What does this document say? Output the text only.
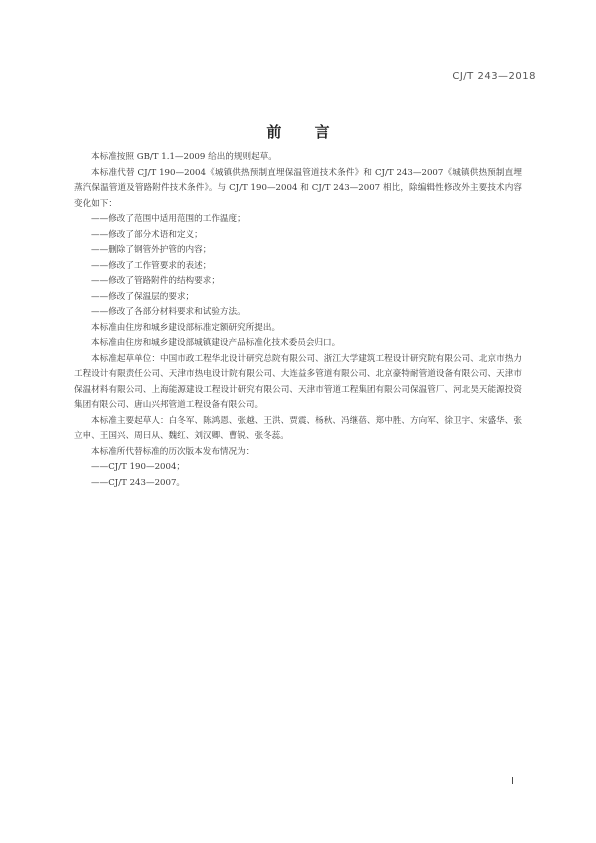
CJ/T 243—2018
前 言

本标准按照 GB/T 1.1—2009 给出的规则起草。

本标准代替 CJ/T 190—2004《城镇供热预制直埋保温管道技术条件》和 CJ/T 243—2007《城镇供热预制直埋蒸汽保温管道及管路附件技术条件》。与 CJ/T 190—2004 和 CJ/T 243—2007 相比，除编辑性修改外主要技术内容变化如下：

——修改了范围中适用范围的工作温度；

——修改了部分术语和定义；

——删除了钢管外护管的内容；

——修改了工作管要求的表述；

——修改了管路附件的结构要求；

——修改了保温层的要求；

——修改了各部分材料要求和试验方法。

本标准由住房和城乡建设部标准定额研究所提出。

本标准由住房和城乡建设部城镇建设产品标准化技术委员会归口。

本标准起草单位：中国市政工程华北设计研究总院有限公司、浙江大学建筑工程设计研究院有限公司、北京市热力工程设计有限责任公司、天津市热电设计院有限公司、大连益多管道有限公司、北京豪特耐管道设备有限公司、天津市保温材料有限公司、上海能源建设工程设计研究有限公司、天津市管道工程集团有限公司保温管厂、河北昊天能源投资集团有限公司、唐山兴邦管道工程设备有限公司。

本标准主要起草人：白冬军、陈鸿恩、张越、王洪、贾震、杨秋、冯继蓓、郑中胜、方向军、徐卫宇、宋盛华、张立申、王国兴、周曰从、魏红、刘汉卿、曹锐、张冬蕊。

本标准所代替标准的历次版本发布情况为：

——CJ/T 190—2004；

——CJ/T 243—2007。

I
